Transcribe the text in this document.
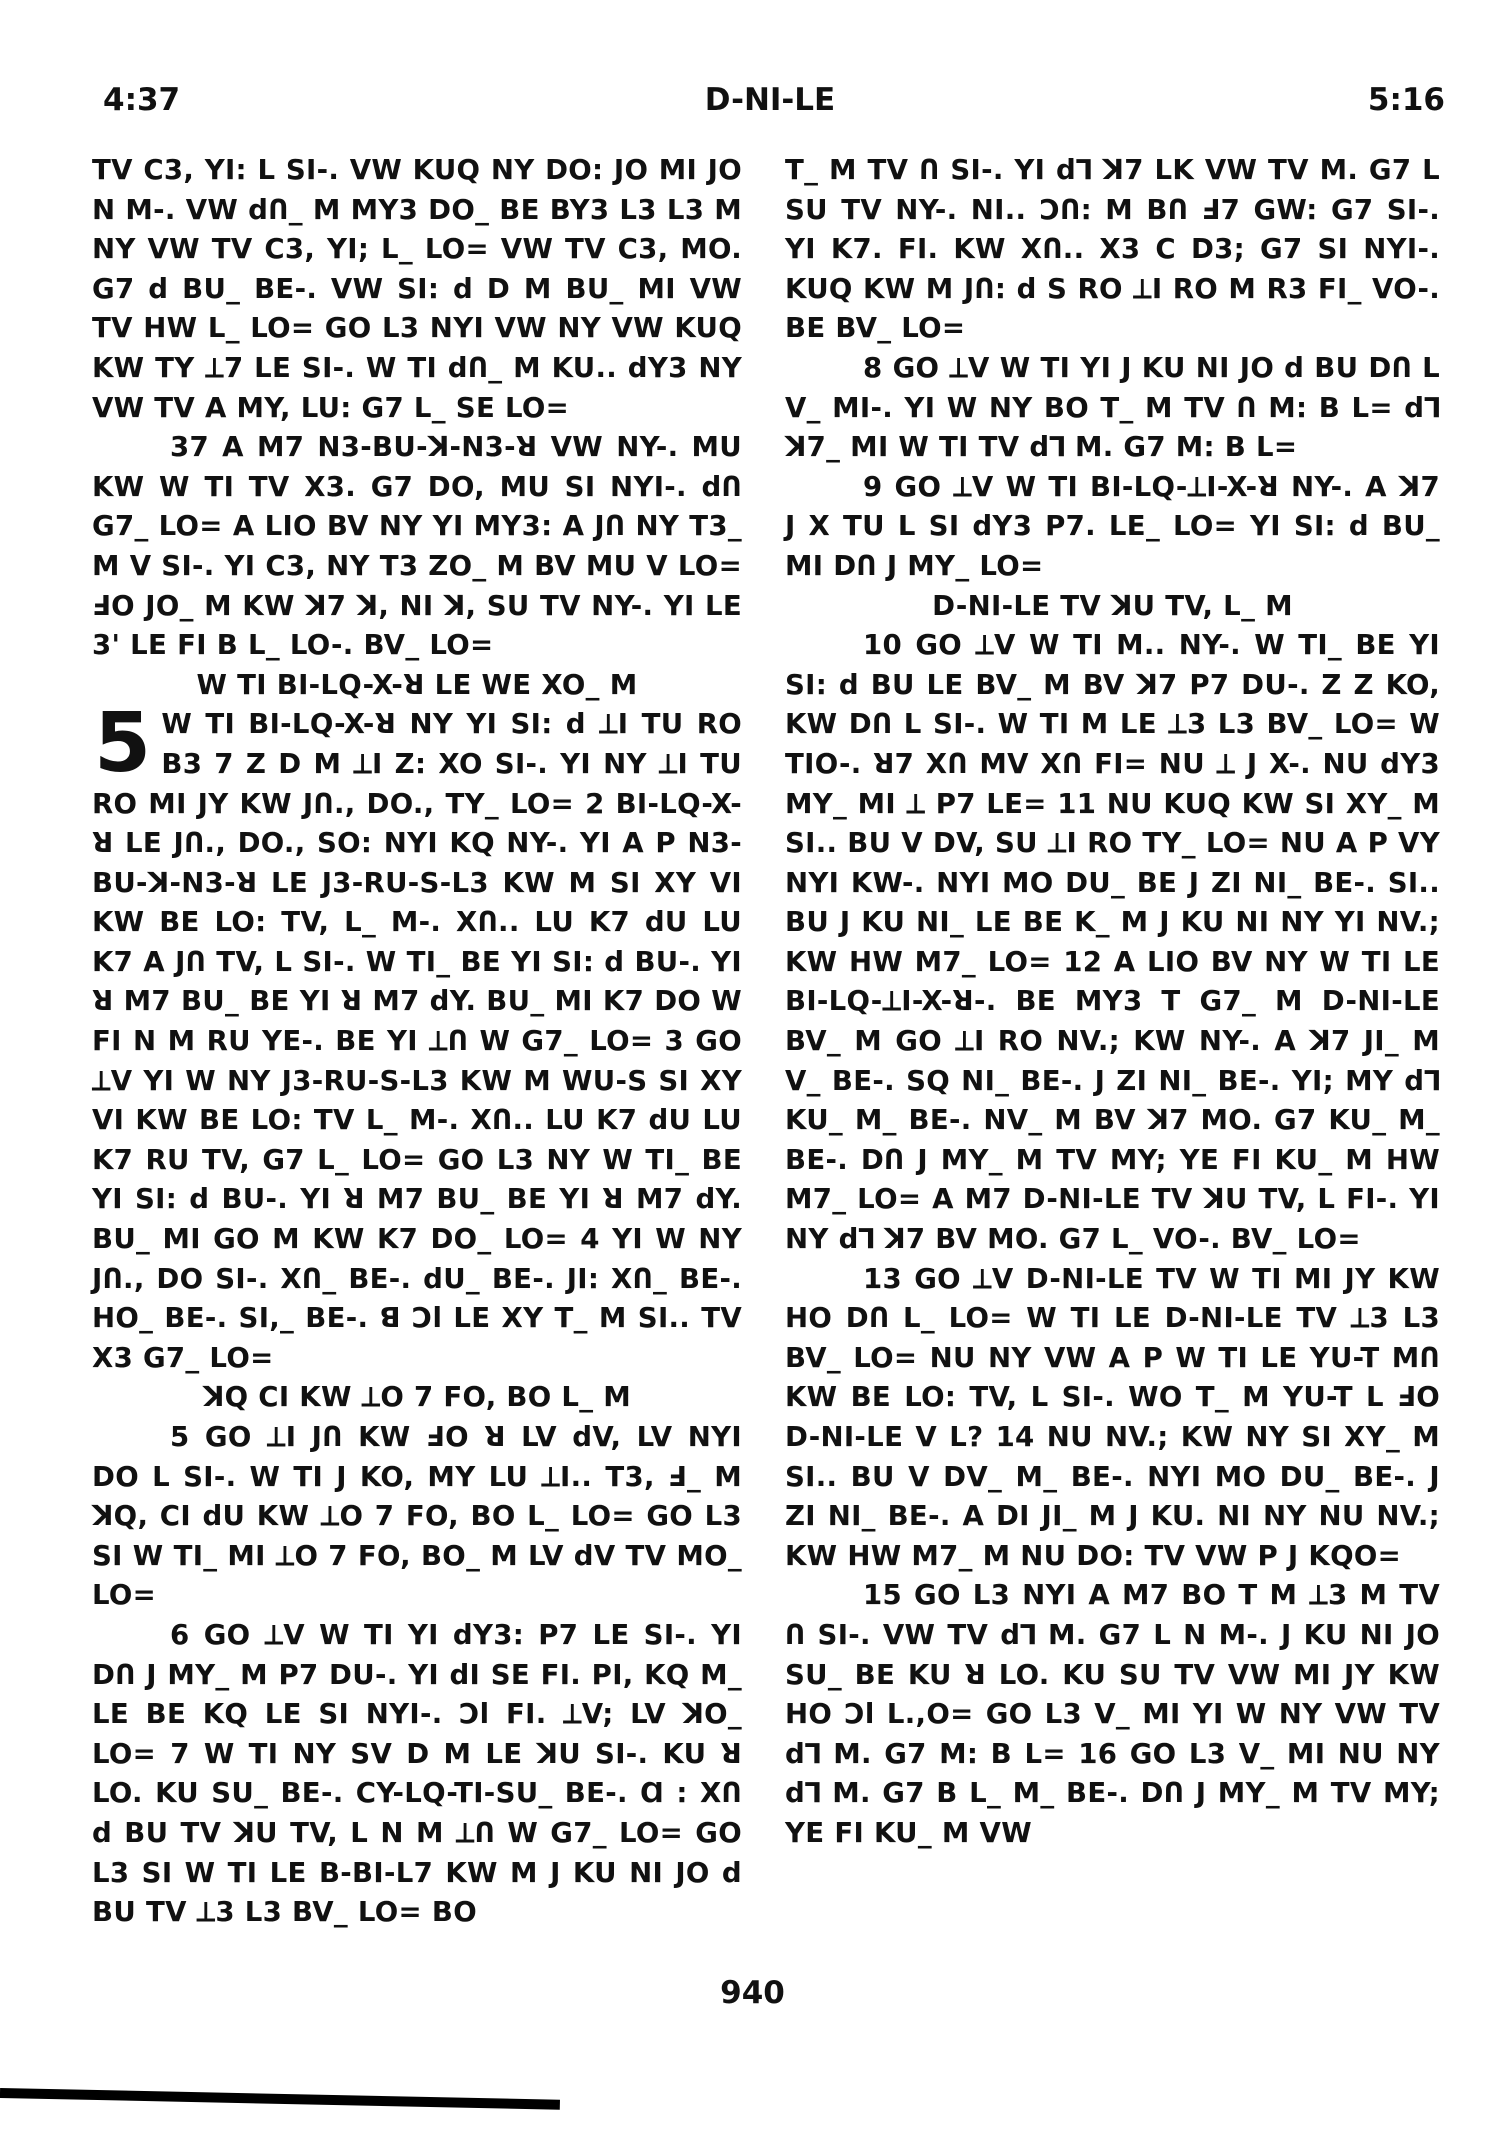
4:37	D-NI-LE	5:16

TV C3, YI: L SI-. VW KUQ NY DO: JO MI JO N M-. VW dՈ_ M MY3 DO_ BE BY3 L3 L3 M NY VW TV C3, YI; L_ LO= VW TV C3, MO. G7 d BU_ BE-. VW SI: d D M BU_ MI VW TV HW L_ LO= GO L3 NYI VW NY VW KUQ KW TY ⟂7 LE SI-. W TI dՈ_ M KU.. dY3 NY VW TV A MY, LU: G7 L_ SE LO=

37 A M7 N3-BU-ꓘ-N3-ꓤ VW NY-. MU KW W TI TV X3. G7 DO, MU SI NYI-. dՈ G7_ LO= A LIO BV NY YI MY3: A JՈ NY T3_ M V SI-. YI C3, NY T3 ZO_ M BV MU V LO= ꓞO JO_ M KW ꓘ7 ꓘ, NI ꓘ, SU TV NY-. YI LE 3' LE FI B L_ LO-. BV_ LO=

W TI BI-LQ-X-ꓤ LE WE XO_ M

5 W TI BI-LQ-X-ꓤ NY YI SI: d ⟂I TU RO B3 7 Z D M ⟂I Z: XO SI-. YI NY ⟂I TU RO MI JY KW JՈ., DO., TY_ LO= 2 BI-LQ-X-ꓤ LE JՈ., DO., SO: NYI KQ NY-. YI A P N3-BU-ꓘ-N3-ꓤ LE J3-RU-S-L3 KW M SI XY VI KW BE LO: TV, L_ M-. XՈ.. LU K7 dU LU K7 A JՈ TV, L SI-. W TI_ BE YI SI: d BU-. YI ꓤ M7 BU_ BE YI ꓤ M7 dY. BU_ MI K7 DO W FI N M RU YE-. BE YI ⟂Ո W G7_ LO= 3 GO ⟂V YI W NY J3-RU-S-L3 KW M WU-S SI XY VI KW BE LO: TV L_ M-. XՈ.. LU K7 dU LU K7 RU TV, G7 L_ LO= GO L3 NY W TI_ BE YI SI: d BU-. YI ꓤ M7 BU_ BE YI ꓤ M7 dY. BU_ MI GO M KW K7 DO_ LO= 4 YI W NY JՈ., DO SI-. XՈ_ BE-. dU_ BE-. JI: XՈ_ BE-. HO_ BE-. SI,_ BE-. ꓭ Ɔl LE XY T_ M SI.. TV X3 G7_ LO=

ꓘQ CI KW ⟂O 7 FO, BO L_ M

5 GO ⟂I JՈ KW ꓞO ꓤ LV dV, LV NYI DO L SI-. W TI J KO, MY LU ⟂I.. T3, ꓞ_ M ꓘQ, CI dU KW ⟂O 7 FO, BO L_ LO= GO L3 SI W TI_ MI ⟂O 7 FO, BO_ M LV dV TV MO_ LO=

6 GO ⟂V W TI YI dY3: P7 LE SI-. YI DՈ J MY_ M P7 DU-. YI dI SE FI. PI, KQ M_ LE BE KQ LE SI NYI-. Ɔl FI. ⟂V; LV ꓘO_ LO= 7 W TI NY SV D M LE ꓘU SI-. KU ꓤ LO. KU SU_ BE-. CY-LQ-TI-SU_ BE-. Ɑ : XՈ d BU TV ꓘU TV, L N M ⟂Ո W G7_ LO= GO L3 SI W TI LE B-BI-L7 KW M J KU NI JO d BU TV ⟂3 L3 BV_ LO= BO

T_ M TV Ո SI-. YI dꓶ ꓘ7 LK VW TV M. G7 L SU TV NY-. NI.. ƆՈ: M BՈ ꓞ7 GW: G7 SI-. YI K7. FI. KW XՈ.. X3 C D3; G7 SI NYI-. KUQ KW M JՈ: d S RO ⟂I RO M R3 FI_ VO-. BE BV_ LO=

8 GO ⟂V W TI YI J KU NI JO d BU DՈ L V_ MI-. YI W NY BO T_ M TV Ո M: B L= dꓶ ꓘ7_ MI W TI TV dꓶ M. G7 M: B L=

9 GO ⟂V W TI BI-LQ-⟂I-X-ꓤ NY-. A ꓘ7 J X TU L SI dY3 P7. LE_ LO= YI SI: d BU_ MI DՈ J MY_ LO=

D-NI-LE TV ꓘU TV, L_ M

10 GO ⟂V W TI M.. NY-. W TI_ BE YI SI: d BU LE BV_ M BV ꓘ7 P7 DU-. Z Z KO, KW DՈ L SI-. W TI M LE ⟂3 L3 BV_ LO= W TIO-. ꓤ7 XՈ MV XՈ FI= NU ⟂ J X-. NU dY3 MY_ MI ⟂ P7 LE= 11 NU KUQ KW SI XY_ M SI.. BU V DV, SU ⟂I RO TY_ LO= NU A P VY NYI KW-. NYI MO DU_ BE J ZI NI_ BE-. SI.. BU J KU NI_ LE BE K_ M J KU NI NY YI NV.; KW HW M7_ LO= 12 A LIO BV NY W TI LE BI-LQ-⟂I-X-ꓤ-. BE MY3 T G7_ M D-NI-LE BV_ M GO ⟂I RO NV.; KW NY-. A ꓘ7 JI_ M V_ BE-. SQ NI_ BE-. J ZI NI_ BE-. YI; MY dꓶ KU_ M_ BE-. NV_ M BV ꓘ7 MO. G7 KU_ M_ BE-. DՈ J MY_ M TV MY; YE FI KU_ M HW M7_ LO= A M7 D-NI-LE TV ꓘU TV, L FI-. YI NY dꓶ ꓘ7 BV MO. G7 L_ VO-. BV_ LO=

13 GO ⟂V D-NI-LE TV W TI MI JY KW HO DՈ L_ LO= W TI LE D-NI-LE TV ⟂3 L3 BV_ LO= NU NY VW A P W TI LE YU-T MՈ KW BE LO: TV, L SI-. WO T_ M YU-T L ꓞO D-NI-LE V L? 14 NU NV.; KW NY SI XY_ M SI.. BU V DV_ M_ BE-. NYI MO DU_ BE-. J ZI NI_ BE-. A DI JI_ M J KU. NI NY NU NV.; KW HW M7_ M NU DO: TV VW P J KQO=

15 GO L3 NYI A M7 BO T M ⟂3 M TV Ո SI-. VW TV dꓶ M. G7 L N M-. J KU NI JO SU_ BE KU ꓤ LO. KU SU TV VW MI JY KW HO Ɔl L.,O= GO L3 V_ MI YI W NY VW TV dꓶ M. G7 M: B L= 16 GO L3 V_ MI NU NY dꓶ M. G7 B L_ M_ BE-. DՈ J MY_ M TV MY; YE FI KU_ M VW

940
